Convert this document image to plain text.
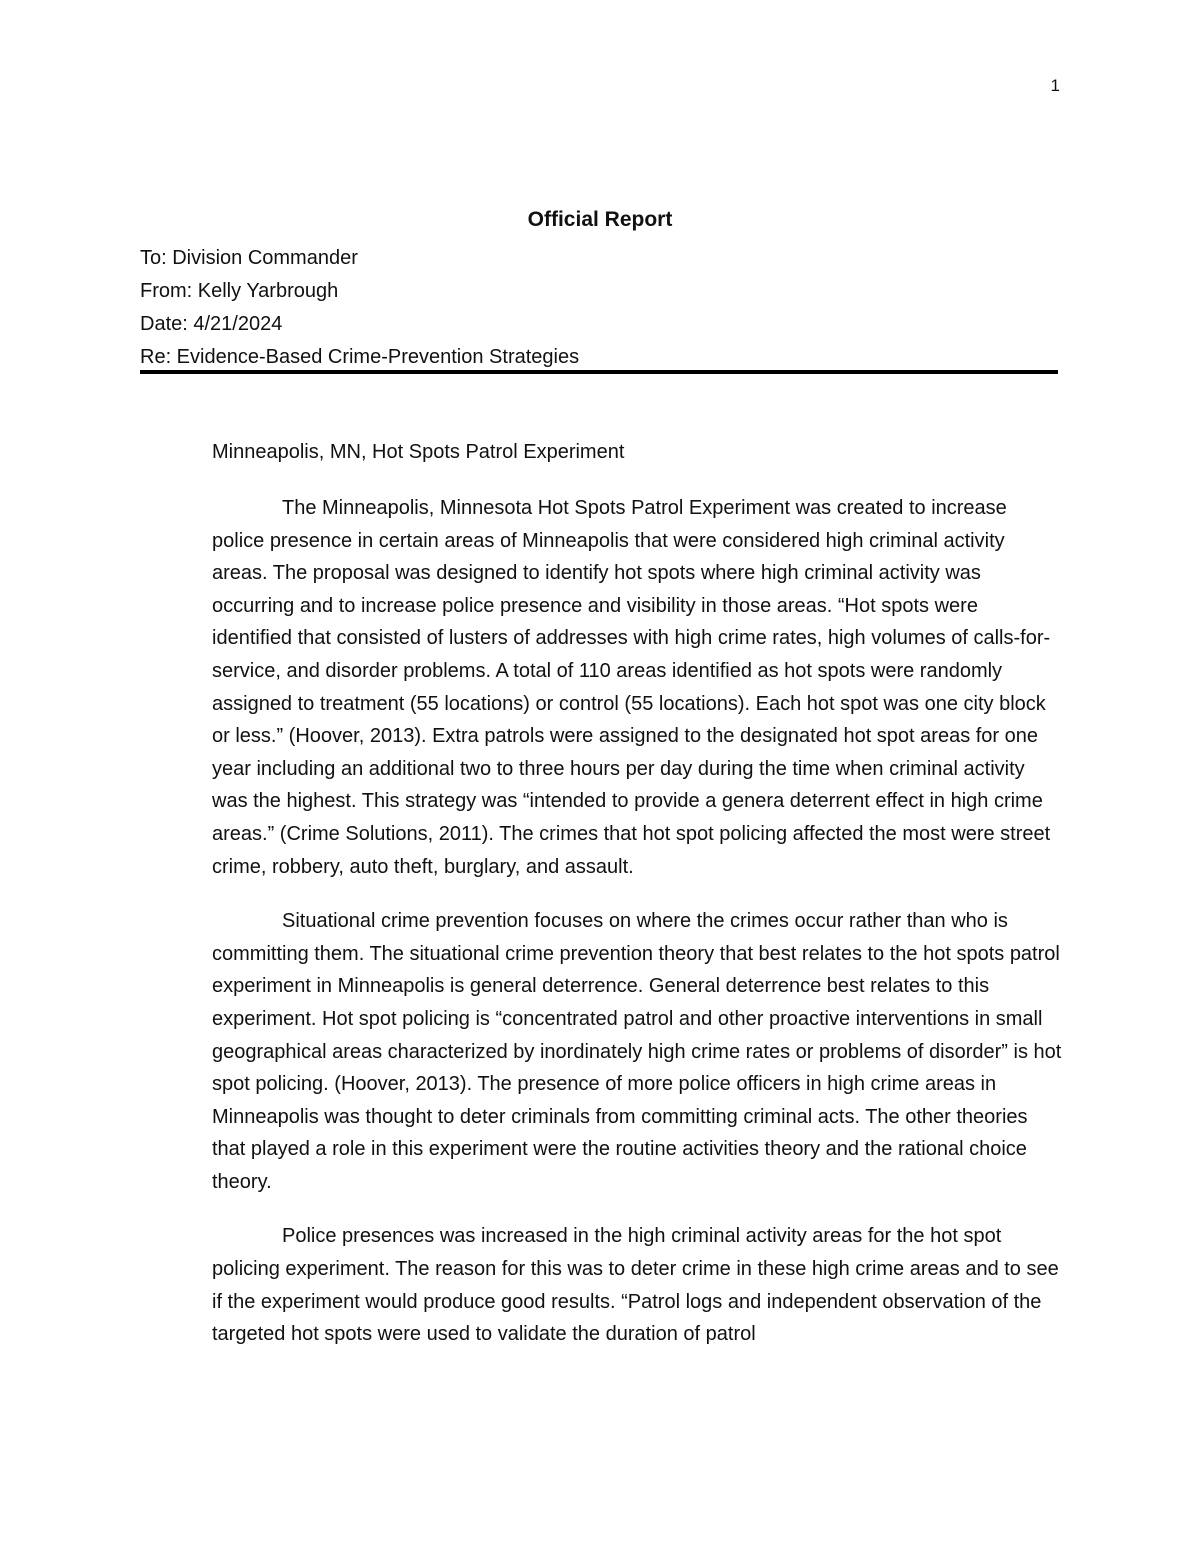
1
Official Report
To: Division Commander
From: Kelly Yarbrough
Date: 4/21/2024
Re: Evidence-Based Crime-Prevention Strategies
Minneapolis, MN, Hot Spots Patrol Experiment

The Minneapolis, Minnesota Hot Spots Patrol Experiment was created to increase police presence in certain areas of Minneapolis that were considered high criminal activity areas. The proposal was designed to identify hot spots where high criminal activity was occurring and to increase police presence and visibility in those areas. “Hot spots were identified that consisted of lusters of addresses with high crime rates, high volumes of calls-for-service, and disorder problems. A total of 110 areas identified as hot spots were randomly assigned to treatment (55 locations) or control (55 locations). Each hot spot was one city block or less.” (Hoover, 2013). Extra patrols were assigned to the designated hot spot areas for one year including an additional two to three hours per day during the time when criminal activity was the highest. This strategy was “intended to provide a genera deterrent effect in high crime areas.” (Crime Solutions, 2011). The crimes that hot spot policing affected the most were street crime, robbery, auto theft, burglary, and assault.

Situational crime prevention focuses on where the crimes occur rather than who is committing them. The situational crime prevention theory that best relates to the hot spots patrol experiment in Minneapolis is general deterrence. General deterrence best relates to this experiment. Hot spot policing is “concentrated patrol and other proactive interventions in small geographical areas characterized by inordinately high crime rates or problems of disorder” is hot spot policing. (Hoover, 2013). The presence of more police officers in high crime areas in Minneapolis was thought to deter criminals from committing criminal acts. The other theories that played a role in this experiment were the routine activities theory and the rational choice theory.

Police presences was increased in the high criminal activity areas for the hot spot policing experiment. The reason for this was to deter crime in these high crime areas and to see if the experiment would produce good results. “Patrol logs and independent observation of the targeted hot spots were used to validate the duration of patrol
